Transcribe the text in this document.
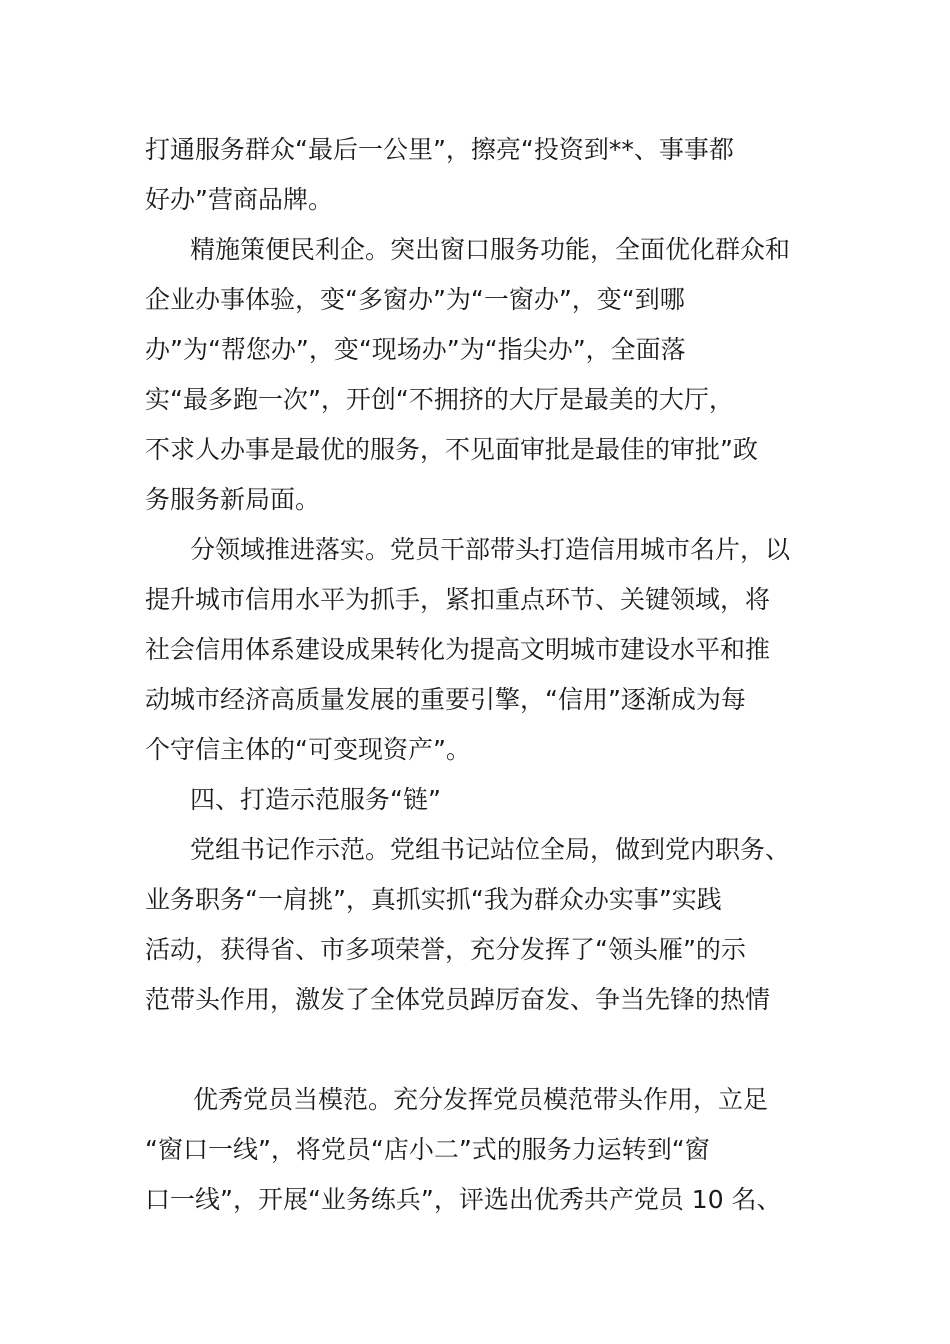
打通服务群众“最后一公里”，擦亮“投资到**、事事都
好办”营商品牌。
精施策便民利企。突出窗口服务功能，全面优化群众和
企业办事体验，变“多窗办”为“一窗办”，变“到哪
办”为“帮您办”，变“现场办”为“指尖办”，全面落
实“最多跑一次”，开创“不拥挤的大厅是最美的大厅，
不求人办事是最优的服务，不见面审批是最佳的审批”政
务服务新局面。
分领域推进落实。党员干部带头打造信用城市名片，以
提升城市信用水平为抓手，紧扣重点环节、关键领域，将
社会信用体系建设成果转化为提高文明城市建设水平和推
动城市经济高质量发展的重要引擎，“信用”逐渐成为每
个守信主体的“可变现资产”。
四、打造示范服务“链”
党组书记作示范。党组书记站位全局，做到党内职务、
业务职务“一肩挑”，真抓实抓“我为群众办实事”实践
活动，获得省、市多项荣誉，充分发挥了“领头雁”的示
范带头作用，激发了全体党员踔厉奋发、争当先锋的热情
优秀党员当模范。充分发挥党员模范带头作用，立足
“窗口一线”，将党员“店小二”式的服务力运转到“窗
口一线”，开展“业务练兵”，评选出优秀共产党员 10 名、
